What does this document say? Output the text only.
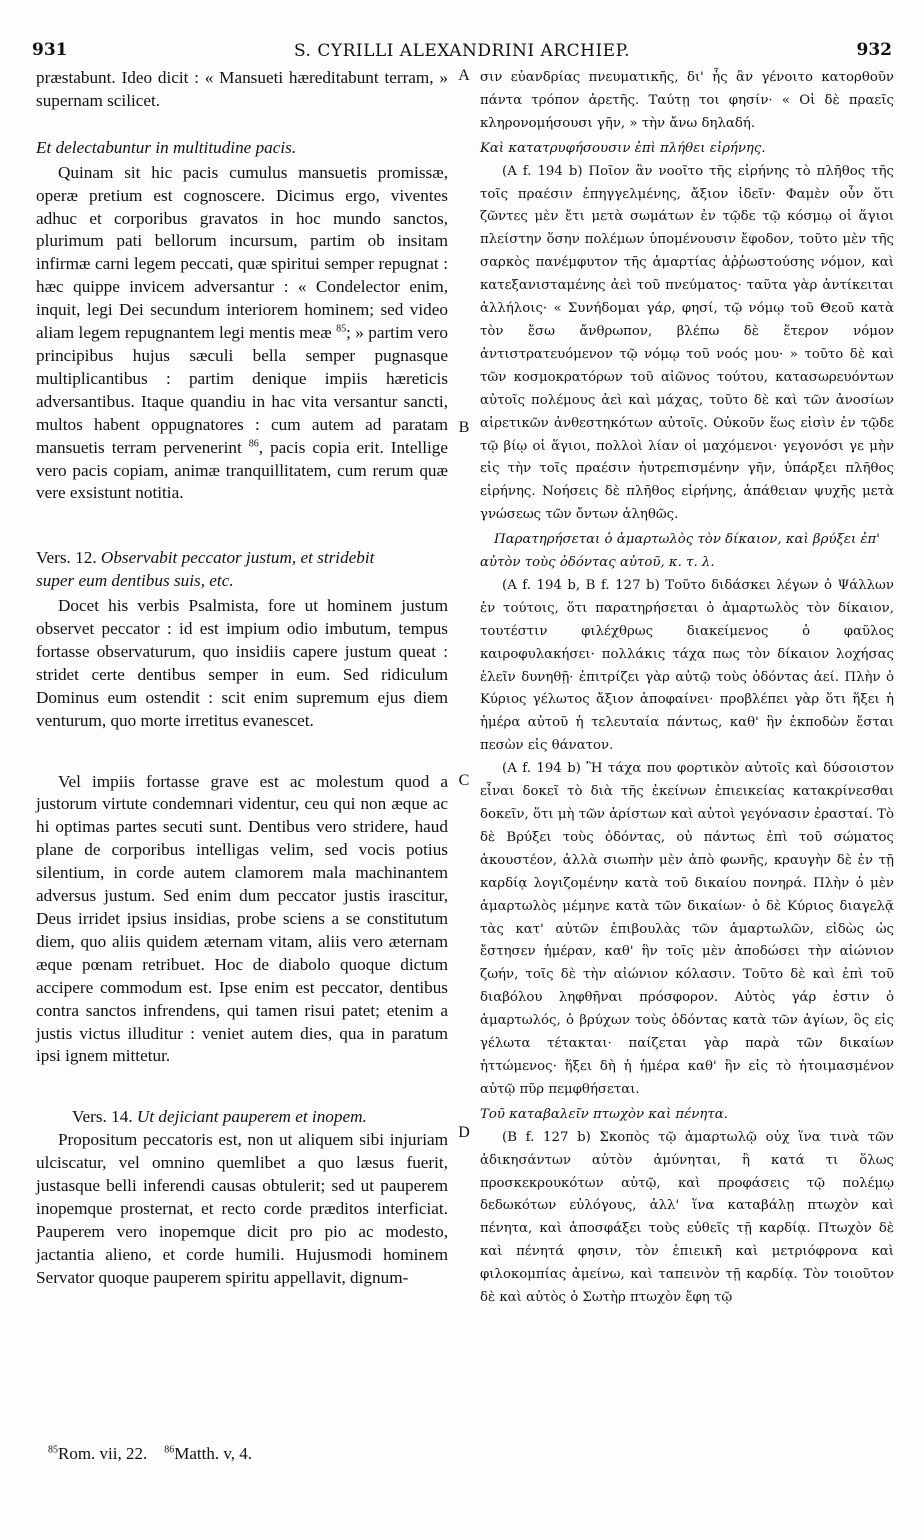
931	S. CYRILLI ALEXANDRINI ARCHIEP.	932

præstabunt. Ideo dicit : « Mansueti hæreditabunt terram, » supernam scilicet.

Et delectabuntur in multitudine pacis.

Quinam sit hic pacis cumulus mansuetis promissæ, operæ pretium est cognoscere. Dicimus ergo, viventes adhuc et corporibus gravatos in hoc mundo sanctos, plurimum pati bellorum incursum, partim ob insitam infirmæ carni legem peccati, quæ spiritui semper repugnat : hæc quippe invicem adversantur : « Condelector enim, inquit, legi Dei secundum interiorem hominem; sed video aliam legem repugnantem legi mentis meæ $^{85}$; » partim vero principibus hujus sæculi bella semper pugnasque multiplicantibus : partim denique impiis hæreticis adversantibus. Itaque quandiu in hac vita versantur sancti, multos habent oppugnatores : cum autem ad paratam mansuetis terram pervenerint $^{86}$, pacis copia erit. Intellige vero pacis copiam, animæ tranquillitatem, cum rerum quæ vere exsistunt notitia.

Vers. 12. Observabit peccator justum, et stridebit
super eum dentibus suis, etc.

Docet his verbis Psalmista, fore ut hominem justum observet peccator : id est impium odio imbutum, tempus fortasse observaturum, quo insidiis capere justum queat : stridet certe dentibus semper in eum. Sed ridiculum Dominus eum ostendit : scit enim supremum ejus diem venturum, quo morte irretitus evanescet.

Vel impiis fortasse grave est ac molestum quod a justorum virtute condemnari videntur, ceu qui non æque ac hi optimas partes secuti sunt. Dentibus vero stridere, haud plane de corporibus intelligas velim, sed vocis potius silentium, in corde autem clamorem mala machinantem adversus justum. Sed enim dum peccator justis irascitur, Deus irridet ipsius insidias, probe sciens a se constitutum diem, quo aliis quidem æternam vitam, aliis vero æternam æque pœnam retribuet. Hoc de diabolo quoque dictum accipere commodum est. Ipse enim est peccator, dentibus contra sanctos infrendens, qui tamen risui patet; etenim a justis victus illuditur : veniet autem dies, qua in paratum ipsi ignem mittetur.

Vers. 14. Ut dejiciant pauperem et inopem.

Propositum peccatoris est, non ut aliquem sibi injuriam ulciscatur, vel omnino quemlibet a quo læsus fuerit, justasque belli inferendi causas obtulerit; sed ut pauperem inopemque prosternat, et recto corde præditos interficiat. Pauperem vero inopemque dicit pro pio ac modesto, jactantia alieno, et corde humili. Hujusmodi hominem Servator quoque pauperem spiritu appellavit, dignum-

A
B
C
D

σιν εὐανδρίας πνευματικῆς, δι' ἧς ἂν γένοιτο κατορθοῦν πάντα τρόπον ἀρετῆς. Ταύτῃ τοι φησίν· « Οἱ δὲ πραεῖς κληρονομήσουσι γῆν, » τὴν ἄνω δηλαδή.

Καὶ κατατρυφήσουσιν ἐπὶ πλήθει εἰρήνης.

(A f. 194 b) Ποῖον ἂν νοοῖτο τῆς εἰρήνης τὸ πλῆθος τῆς τοῖς πραέσιν ἐπηγγελμένης, ἄξιον ἰδεῖν· Φαμὲν οὖν ὅτι ζῶντες μὲν ἔτι μετὰ σωμάτων ἐν τῷδε τῷ κόσμῳ οἱ ἅγιοι πλείστην ὅσην πολέμων ὑπομένουσιν ἔφοδον, τοῦτο μὲν τῆς σαρκὸς πανέμφυτον τῆς ἁμαρτίας ἀῤῥωστούσης νόμον, καὶ κατεξανισταμένης ἀεὶ τοῦ πνεύματος· ταῦτα γὰρ ἀντίκειται ἀλλήλοις· « Συνήδομαι γάρ, φησί, τῷ νόμῳ τοῦ Θεοῦ κατὰ τὸν ἔσω ἄνθρωπον, βλέπω δὲ ἕτερον νόμον ἀντιστρατευόμενον τῷ νόμῳ τοῦ νοός μου· » τοῦτο δὲ καὶ τῶν κοσμοκρατόρων τοῦ αἰῶνος τούτου, κατασωρευόντων αὐτοῖς πολέμους ἀεὶ καὶ μάχας, τοῦτο δὲ καὶ τῶν ἀνοσίων αἱρετικῶν ἀνθεστηκότων αὐτοῖς. Οὐκοῦν ἕως εἰσὶν ἐν τῷδε τῷ βίῳ οἱ ἅγιοι, πολλοὶ λίαν οἱ μαχόμενοι· γεγονόσι γε μὴν εἰς τὴν τοῖς πραέσιν ἠυτρεπισμένην γῆν, ὑπάρξει πλῆθος εἰρήνης. Νοήσεις δὲ πλῆθος εἰρήνης, ἀπάθειαν ψυχῆς μετὰ γνώσεως τῶν ὄντων ἀληθῶς.

Παρατηρήσεται ὁ ἁμαρτωλὸς τὸν δίκαιον, καὶ βρύξει ἐπ' αὐτὸν τοὺς ὀδόντας αὐτοῦ, κ. τ. λ.

(A f. 194 b, B f. 127 b) Τοῦτο διδάσκει λέγων ὁ Ψάλλων ἐν τούτοις, ὅτι παρατηρήσεται ὁ ἁμαρτωλὸς τὸν δίκαιον, τουτέστιν φιλέχθρως διακείμενος ὁ φαῦλος καιροφυλακήσει· πολλάκις τάχα πως τὸν δίκαιον λοχήσας ἑλεῖν δυνηθῇ· ἐπιτρίζει γὰρ αὐτῷ τοὺς ὀδόντας ἀεί. Πλὴν ὁ Κύριος γέλωτος ἄξιον ἀποφαίνει· προβλέπει γὰρ ὅτι ἥξει ἡ ἡμέρα αὐτοῦ ἡ τελευταία πάντως, καθ' ἣν ἐκποδὼν ἔσται πεσὼν εἰς θάνατον.

(A f. 194 b) Ἢ τάχα που φορτικὸν αὐτοῖς καὶ δύσοιστον εἶναι δοκεῖ τὸ διὰ τῆς ἐκείνων ἐπιεικείας κατακρίνεσθαι δοκεῖν, ὅτι μὴ τῶν ἀρίστων καὶ αὐτοὶ γεγόνασιν ἐρασταί. Τὸ δὲ Βρύξει τοὺς ὀδόντας, οὐ πάντως ἐπὶ τοῦ σώματος ἀκουστέον, ἀλλὰ σιωπὴν μὲν ἀπὸ φωνῆς, κραυγὴν δὲ ἐν τῇ καρδίᾳ λογιζομένην κατὰ τοῦ δικαίου πονηρά. Πλὴν ὁ μὲν ἁμαρτωλὸς μέμηνε κατὰ τῶν δικαίων· ὁ δὲ Κύριος διαγελᾷ τὰς κατ' αὐτῶν ἐπιβουλὰς τῶν ἁμαρτωλῶν, εἰδὼς ὡς ἔστησεν ἡμέραν, καθ' ἣν τοῖς μὲν ἀποδώσει τὴν αἰώνιον ζωήν, τοῖς δὲ τὴν αἰώνιον κόλασιν. Τοῦτο δὲ καὶ ἐπὶ τοῦ διαβόλου ληφθῆναι πρόσφορον. Αὐτὸς γάρ ἐστιν ὁ ἁμαρτωλός, ὁ βρύχων τοὺς ὀδόντας κατὰ τῶν ἁγίων, ὃς εἰς γέλωτα τέτακται· παίζεται γὰρ παρὰ τῶν δικαίων ἡττώμενος· ἥξει δὴ ἡ ἡμέρα καθ' ἣν εἰς τὸ ἡτοιμασμένον αὐτῷ πῦρ πεμφθήσεται.

Τοῦ καταβαλεῖν πτωχὸν καὶ πένητα.

(B f. 127 b) Σκοπὸς τῷ ἁμαρτωλῷ οὐχ ἵνα τινὰ τῶν ἀδικησάντων αὐτὸν ἀμύνηται, ἢ κατά τι ὅλως προσκεκρουκότων αὐτῷ, καὶ προφάσεις τῷ πολέμῳ δεδωκότων εὐλόγους, ἀλλ' ἵνα καταβάλῃ πτωχὸν καὶ πένητα, καὶ ἀποσφάξει τοὺς εὐθεῖς τῇ καρδίᾳ. Πτωχὸν δὲ καὶ πένητά φησιν, τὸν ἐπιεικῆ καὶ μετριόφρονα καὶ φιλοκομπίας ἀμείνω, καὶ ταπεινὸν τῇ καρδίᾳ. Τὸν τοιοῦτον δὲ καὶ αὐτὸς ὁ Σωτὴρ πτωχὸν ἔφη τῷ

$^{85}$Rom. vii, 22. $^{86}$Matth. v, 4.
